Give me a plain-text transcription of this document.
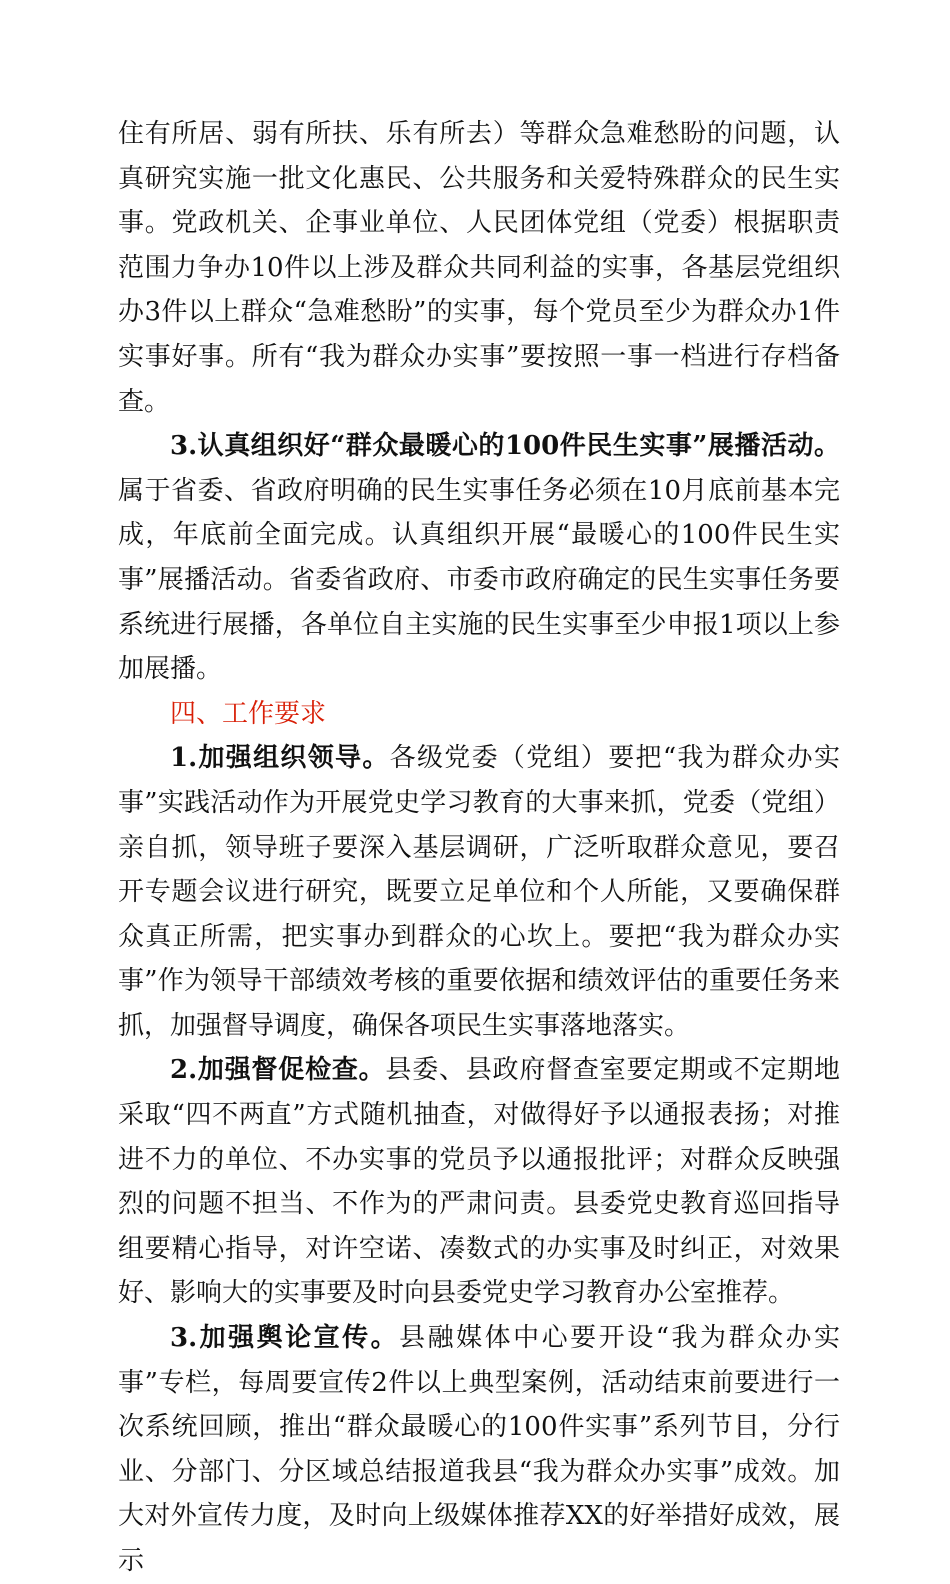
住有所居、弱有所扶、乐有所去）等群众急难愁盼的问题，认真研究实施一批文化惠民、公共服务和关爱特殊群众的民生实事。党政机关、企事业单位、人民团体党组（党委）根据职责范围力争办10件以上涉及群众共同利益的实事，各基层党组织办3件以上群众“急难愁盼”的实事，每个党员至少为群众办1件实事好事。所有“我为群众办实事”要按照一事一档进行存档备查。

3.认真组织好“群众最暖心的100件民生实事”展播活动。属于省委、省政府明确的民生实事任务必须在10月底前基本完成，年底前全面完成。认真组织开展“最暖心的100件民生实事”展播活动。省委省政府、市委市政府确定的民生实事任务要系统进行展播，各单位自主实施的民生实事至少申报1项以上参加展播。

四、工作要求

1.加强组织领导。各级党委（党组）要把“我为群众办实事”实践活动作为开展党史学习教育的大事来抓，党委（党组）亲自抓，领导班子要深入基层调研，广泛听取群众意见，要召开专题会议进行研究，既要立足单位和个人所能，又要确保群众真正所需，把实事办到群众的心坎上。要把“我为群众办实事”作为领导干部绩效考核的重要依据和绩效评估的重要任务来抓，加强督导调度，确保各项民生实事落地落实。

2.加强督促检查。县委、县政府督查室要定期或不定期地采取“四不两直”方式随机抽查，对做得好予以通报表扬；对推进不力的单位、不办实事的党员予以通报批评；对群众反映强烈的问题不担当、不作为的严肃问责。县委党史教育巡回指导组要精心指导，对许空诺、凑数式的办实事及时纠正，对效果好、影响大的实事要及时向县委党史学习教育办公室推荐。

3.加强舆论宣传。县融媒体中心要开设“我为群众办实事”专栏，每周要宣传2件以上典型案例，活动结束前要进行一次系统回顾，推出“群众最暖心的100件实事”系列节目，分行业、分部门、分区域总结报道我县“我为群众办实事”成效。加大对外宣传力度，及时向上级媒体推荐XX的好举措好成效，展示
